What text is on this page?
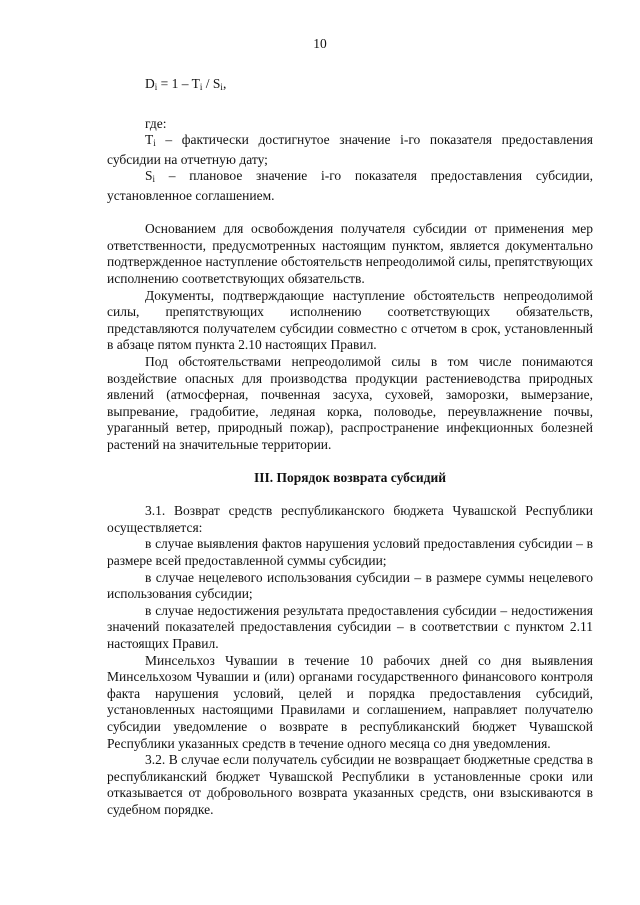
10
$D_i = 1 - T_i / S_i$,

где:

$T_i$ – фактически достигнутое значение i-го показателя предоставления субсидии на отчетную дату;

$S_i$ – плановое значение i-го показателя предоставления субсидии, установленное соглашением.

Основанием для освобождения получателя субсидии от применения мер ответственности, предусмотренных настоящим пунктом, является документально подтвержденное наступление обстоятельств непреодолимой силы, препятствующих исполнению соответствующих обязательств.

Документы, подтверждающие наступление обстоятельств непреодолимой силы, препятствующих исполнению соответствующих обязательств, представляются получателем субсидии совместно с отчетом в срок, установленный в абзаце пятом пункта 2.10 настоящих Правил.

Под обстоятельствами непреодолимой силы в том числе понимаются воздействие опасных для производства продукции растениеводства природных явлений (атмосферная, почвенная засуха, суховей, заморозки, вымерзание, выпревание, градобитие, ледяная корка, половодье, переувлажнение почвы, ураганный ветер, природный пожар), распространение инфекционных болезней растений на значительные территории.

III. Порядок возврата субсидий

3.1. Возврат средств республиканского бюджета Чувашской Республики осуществляется:

в случае выявления фактов нарушения условий предоставления субсидии – в размере всей предоставленной суммы субсидии;

в случае нецелевого использования субсидии – в размере суммы нецелевого использования субсидии;

в случае недостижения результата предоставления субсидии – недостижения значений показателей предоставления субсидии – в соответствии с пунктом 2.11 настоящих Правил.

Минсельхоз Чувашии в течение 10 рабочих дней со дня выявления Минсельхозом Чувашии и (или) органами государственного финансового контроля факта нарушения условий, целей и порядка предоставления субсидий, установленных настоящими Правилами и соглашением, направляет получателю субсидии уведомление о возврате в республиканский бюджет Чувашской Республики указанных средств в течение одного месяца со дня уведомления.

3.2. В случае если получатель субсидии не возвращает бюджетные средства в республиканский бюджет Чувашской Республики в установленные сроки или отказывается от добровольного возврата указанных средств, они взыскиваются в судебном порядке.
